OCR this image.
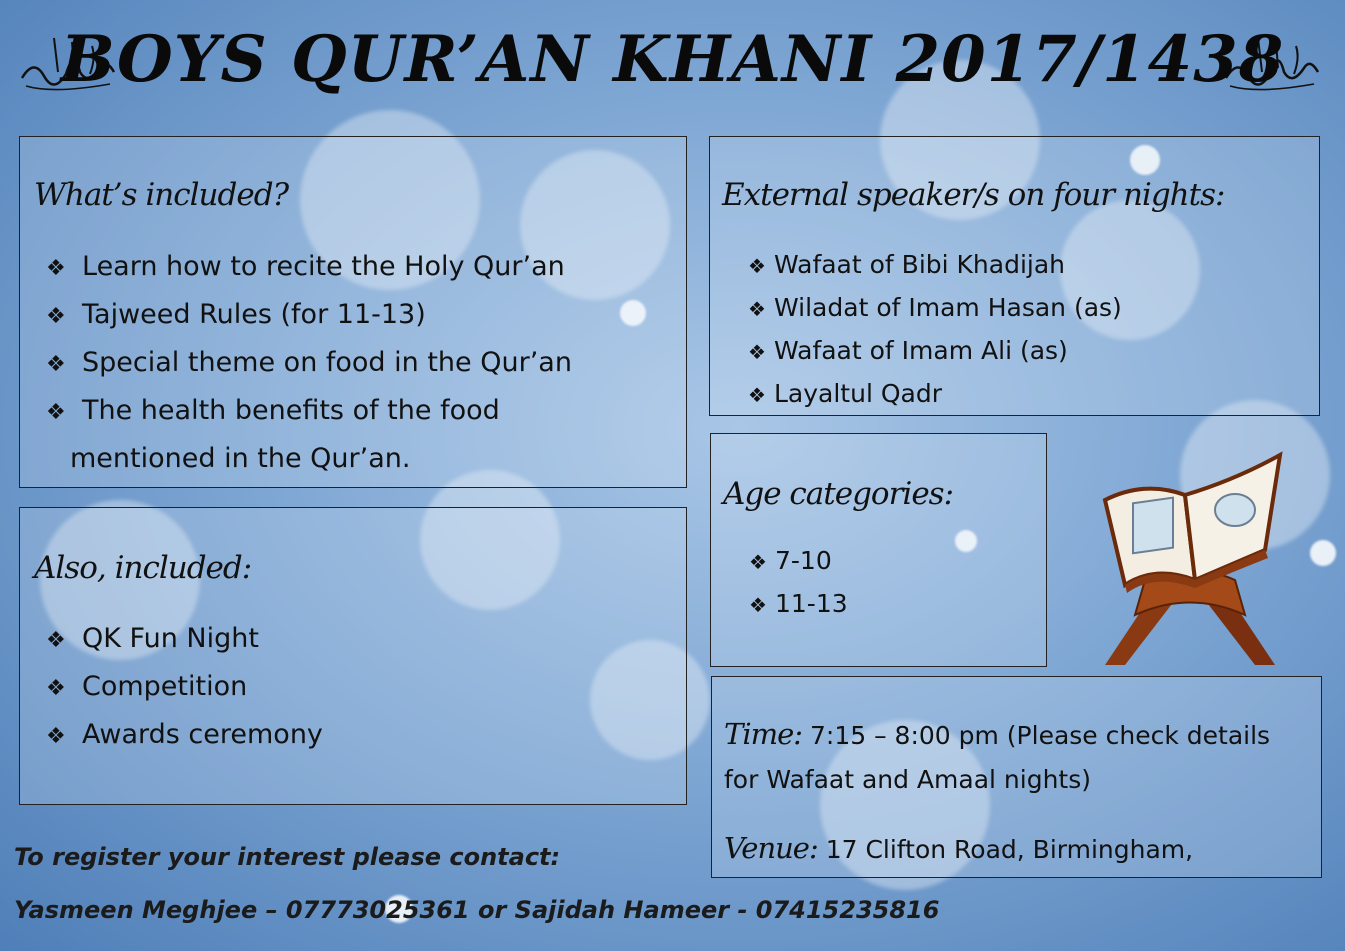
BOYS QUR’AN KHANI 2017/1438
What’s included?
❖ Learn how to recite the Holy Qur’an
❖ Tajweed Rules (for 11-13)
❖ Special theme on food in the Qur’an
❖ The health benefits of the food
mentioned in the Qur’an.
Also, included:
❖ QK Fun Night
❖ Competition
❖ Awards ceremony
External speaker/s on four nights:
❖ Wafaat of Bibi Khadijah
❖ Wiladat of Imam Hasan (as)
❖ Wafaat of Imam Ali (as)
❖ Layaltul Qadr
Age categories:
❖ 7-10
❖ 11-13
Time: 7:15 – 8:00 pm (Please check details
for Wafaat and Amaal nights)
Venue: 17 Clifton Road, Birmingham,
To register your interest please contact:
Yasmeen Meghjee – 07773025361 or Sajidah Hameer - 07415235816
